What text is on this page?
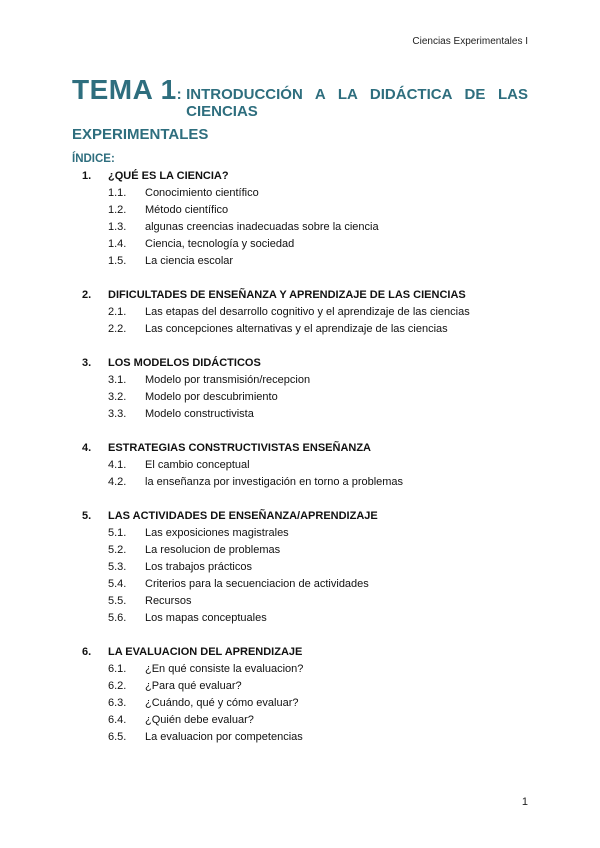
Ciencias Experimentales I
TEMA 1: INTRODUCCIÓN A LA DIDÁCTICA DE LAS CIENCIAS
EXPERIMENTALES
ÍNDICE:
1. ¿QUÉ ES LA CIENCIA?
1.1. Conocimiento científico
1.2. Método científico
1.3. algunas creencias inadecuadas sobre la ciencia
1.4. Ciencia, tecnología y sociedad
1.5. La ciencia escolar
2. DIFICULTADES DE ENSEÑANZA Y APRENDIZAJE DE LAS CIENCIAS
2.1. Las etapas del desarrollo cognitivo y el aprendizaje de las ciencias
2.2. Las concepciones alternativas y el aprendizaje de las ciencias
3. LOS MODELOS DIDÁCTICOS
3.1. Modelo por transmisión/recepcion
3.2. Modelo por descubrimiento
3.3. Modelo constructivista
4. ESTRATEGIAS CONSTRUCTIVISTAS ENSEÑANZA
4.1. El cambio conceptual
4.2. la enseñanza por investigación en torno a problemas
5. LAS ACTIVIDADES DE ENSEÑANZA/APRENDIZAJE
5.1. Las exposiciones magistrales
5.2. La resolucion de problemas
5.3. Los trabajos prácticos
5.4. Criterios para la secuenciacion de actividades
5.5. Recursos
5.6. Los mapas conceptuales
6. LA EVALUACION DEL APRENDIZAJE
6.1. ¿En qué consiste la evaluacion?
6.2. ¿Para qué evaluar?
6.3. ¿Cuándo, qué y cómo evaluar?
6.4. ¿Quién debe evaluar?
6.5. La evaluacion por competencias
1
